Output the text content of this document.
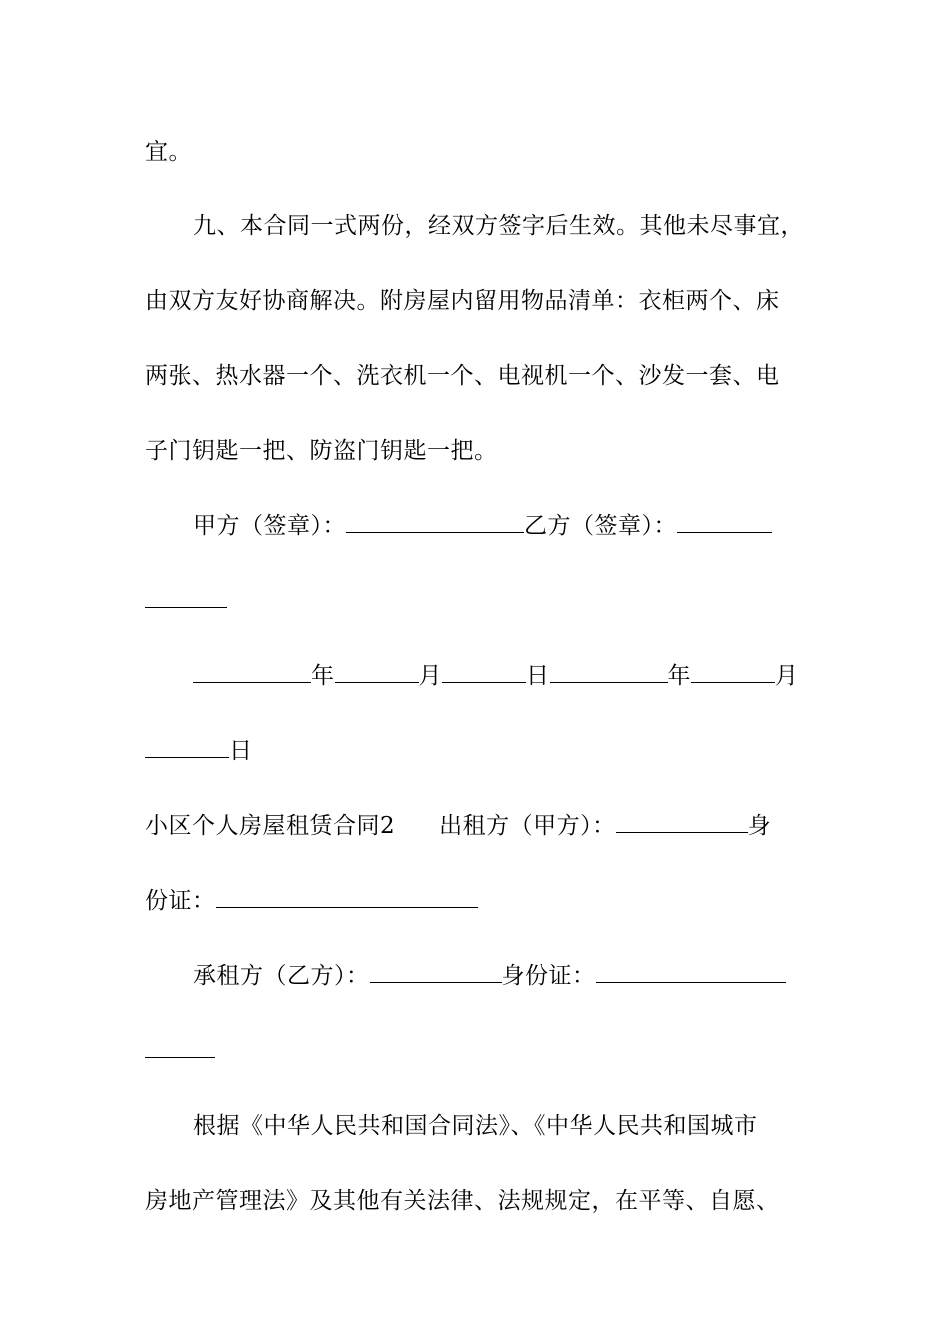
宜。
九、本合同一式两份，经双方签字后生效。其他未尽事宜，
由双方友好协商解决。附房屋内留用物品清单：衣柜两个、床
两张、热水器一个、洗衣机一个、电视机一个、沙发一套、电
子门钥匙一把、防盗门钥匙一把。
甲方（签章）：	乙方（签章）：
年	月	日	年	月
日
小区个人房屋租赁合同2 出租方（甲方）：	身
份证：
承租方（乙方）：	身份证：
根据《中华人民共和国合同法》、《中华人民共和国城市
房地产管理法》及其他有关法律、法规规定，在平等、自愿、
